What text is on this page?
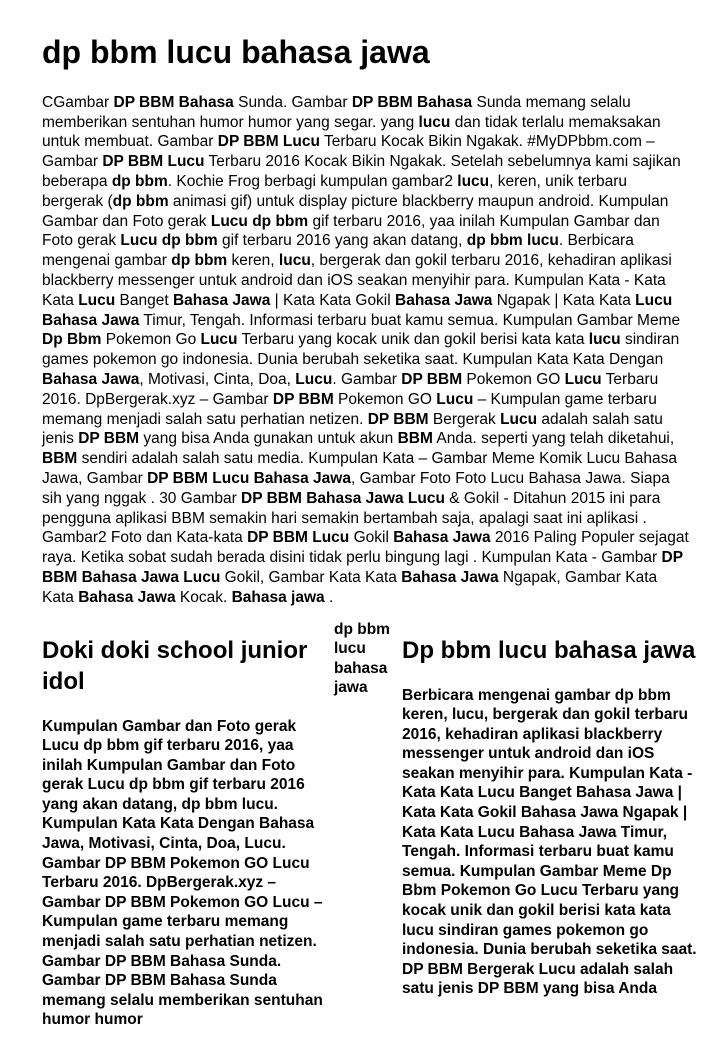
dp bbm lucu bahasa jawa

CGambar DP BBM Bahasa Sunda. Gambar DP BBM Bahasa Sunda memang selalu memberikan sentuhan humor humor yang segar. yang lucu dan tidak terlalu memaksakan untuk membuat. Gambar DP BBM Lucu Terbaru Kocak Bikin Ngakak. #MyDPbbm.com – Gambar DP BBM Lucu Terbaru 2016 Kocak Bikin Ngakak. Setelah sebelumnya kami sajikan beberapa dp bbm. Kochie Frog berbagi kumpulan gambar2 lucu, keren, unik terbaru bergerak (dp bbm animasi gif) untuk display picture blackberry maupun android. Kumpulan Gambar dan Foto gerak Lucu dp bbm gif terbaru 2016, yaa inilah Kumpulan Gambar dan Foto gerak Lucu dp bbm gif terbaru 2016 yang akan datang, dp bbm lucu. Berbicara mengenai gambar dp bbm keren, lucu, bergerak dan gokil terbaru 2016, kehadiran aplikasi blackberry messenger untuk android dan iOS seakan menyihir para. Kumpulan Kata - Kata Kata Lucu Banget Bahasa Jawa | Kata Kata Gokil Bahasa Jawa Ngapak | Kata Kata Lucu Bahasa Jawa Timur, Tengah. Informasi terbaru buat kamu semua. Kumpulan Gambar Meme Dp Bbm Pokemon Go Lucu Terbaru yang kocak unik dan gokil berisi kata kata lucu sindiran games pokemon go indonesia. Dunia berubah seketika saat. Kumpulan Kata Kata Dengan Bahasa Jawa, Motivasi, Cinta, Doa, Lucu. Gambar DP BBM Pokemon GO Lucu Terbaru 2016. DpBergerak.xyz – Gambar DP BBM Pokemon GO Lucu – Kumpulan game terbaru memang menjadi salah satu perhatian netizen. DP BBM Bergerak Lucu adalah salah satu jenis DP BBM yang bisa Anda gunakan untuk akun BBM Anda. seperti yang telah diketahui, BBM sendiri adalah salah satu media. Kumpulan Kata – Gambar Meme Komik Lucu Bahasa Jawa, Gambar DP BBM Lucu Bahasa Jawa, Gambar Foto Foto Lucu Bahasa Jawa. Siapa sih yang nggak . 30 Gambar DP BBM Bahasa Jawa Lucu & Gokil - Ditahun 2015 ini para pengguna aplikasi BBM semakin hari semakin bertambah saja, apalagi saat ini aplikasi . Gambar2 Foto dan Kata-kata DP BBM Lucu Gokil Bahasa Jawa 2016 Paling Populer sejagat raya. Ketika sobat sudah berada disini tidak perlu bingung lagi . Kumpulan Kata - Gambar DP BBM Bahasa Jawa Lucu Gokil, Gambar Kata Kata Bahasa Jawa Ngapak, Gambar Kata Kata Bahasa Jawa Kocak. Bahasa jawa .

Doki doki school junior idol

Kumpulan Gambar dan Foto gerak Lucu dp bbm gif terbaru 2016, yaa inilah Kumpulan Gambar dan Foto gerak Lucu dp bbm gif terbaru 2016 yang akan datang, dp bbm lucu. Kumpulan Kata Kata Dengan Bahasa Jawa, Motivasi, Cinta, Doa, Lucu. Gambar DP BBM Pokemon GO Lucu Terbaru 2016. DpBergerak.xyz – Gambar DP BBM Pokemon GO Lucu – Kumpulan game terbaru memang menjadi salah satu perhatian netizen. Gambar DP BBM Bahasa Sunda. Gambar DP BBM Bahasa Sunda memang selalu memberikan sentuhan humor humor

dp bbm lucu bahasa jawa

Dp bbm lucu bahasa jawa

Berbicara mengenai gambar dp bbm keren, lucu, bergerak dan gokil terbaru 2016, kehadiran aplikasi blackberry messenger untuk android dan iOS seakan menyihir para. Kumpulan Kata - Kata Kata Lucu Banget Bahasa Jawa | Kata Kata Gokil Bahasa Jawa Ngapak | Kata Kata Lucu Bahasa Jawa Timur, Tengah. Informasi terbaru buat kamu semua. Kumpulan Gambar Meme Dp Bbm Pokemon Go Lucu Terbaru yang kocak unik dan gokil berisi kata kata lucu sindiran games pokemon go indonesia. Dunia berubah seketika saat. DP BBM Bergerak Lucu adalah salah satu jenis DP BBM yang bisa Anda
